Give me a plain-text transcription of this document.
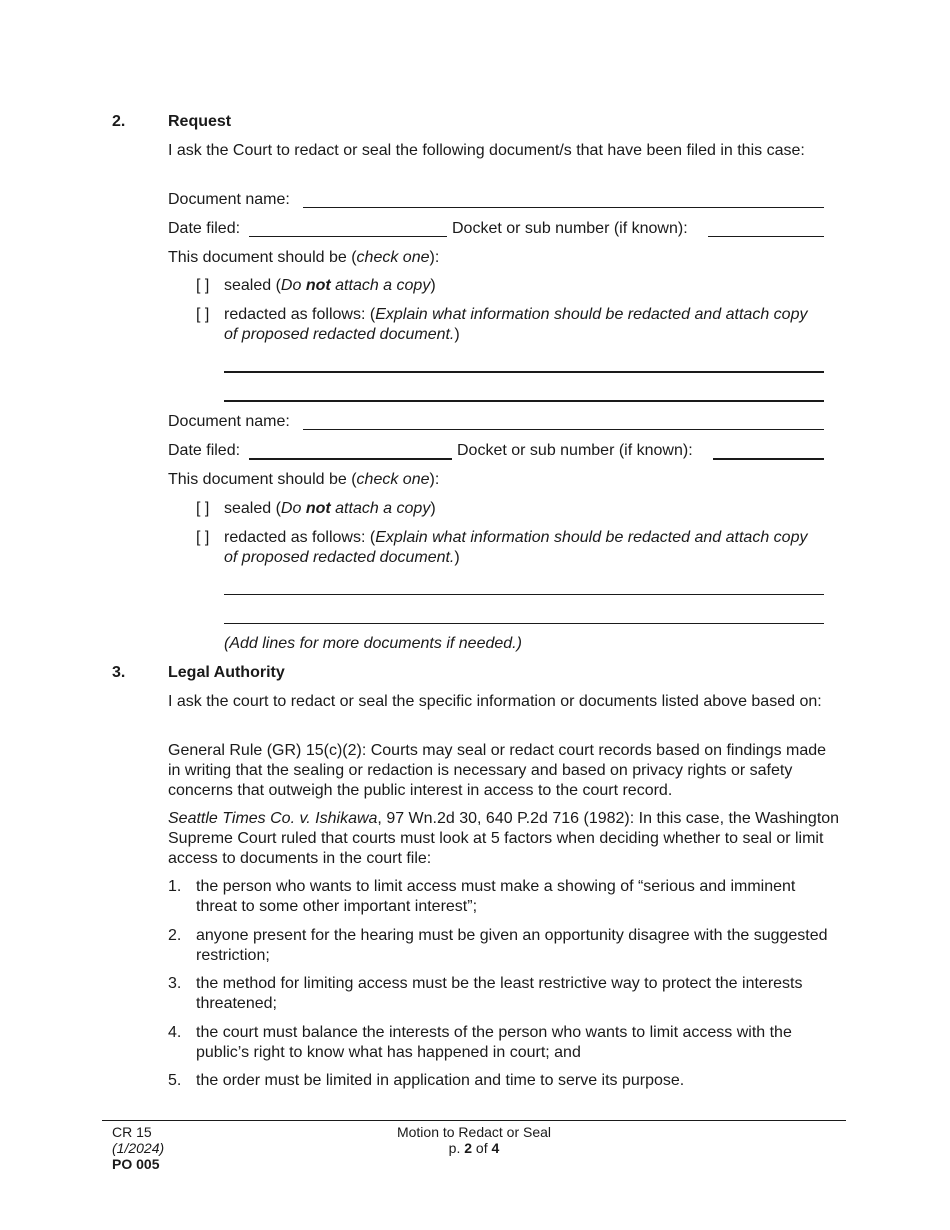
2.	Request
I ask the Court to redact or seal the following document/s that have been filed in this case:
Document name:
Date filed:	Docket or sub number (if known):
This document should be (check one):
[ ] sealed (Do not attach a copy)
[ ] redacted as follows: (Explain what information should be redacted and attach copy of proposed redacted document.)
Document name:
Date filed:	Docket or sub number (if known):
This document should be (check one):
[ ] sealed (Do not attach a copy)
[ ] redacted as follows: (Explain what information should be redacted and attach copy of proposed redacted document.)
(Add lines for more documents if needed.)
3.	Legal Authority
I ask the court to redact or seal the specific information or documents listed above based on:
General Rule (GR) 15(c)(2): Courts may seal or redact court records based on findings made in writing that the sealing or redaction is necessary and based on privacy rights or safety concerns that outweigh the public interest in access to the court record.
Seattle Times Co. v. Ishikawa, 97 Wn.2d 30, 640 P.2d 716 (1982): In this case, the Washington Supreme Court ruled that courts must look at 5 factors when deciding whether to seal or limit access to documents in the court file:
1. the person who wants to limit access must make a showing of “serious and imminent threat to some other important interest”;
2. anyone present for the hearing must be given an opportunity disagree with the suggested restriction;
3. the method for limiting access must be the least restrictive way to protect the interests threatened;
4. the court must balance the interests of the person who wants to limit access with the public’s right to know what has happened in court; and
5. the order must be limited in application and time to serve its purpose.
CR 15
(1/2024)
PO 005
Motion to Redact or Seal
p. 2 of 4
